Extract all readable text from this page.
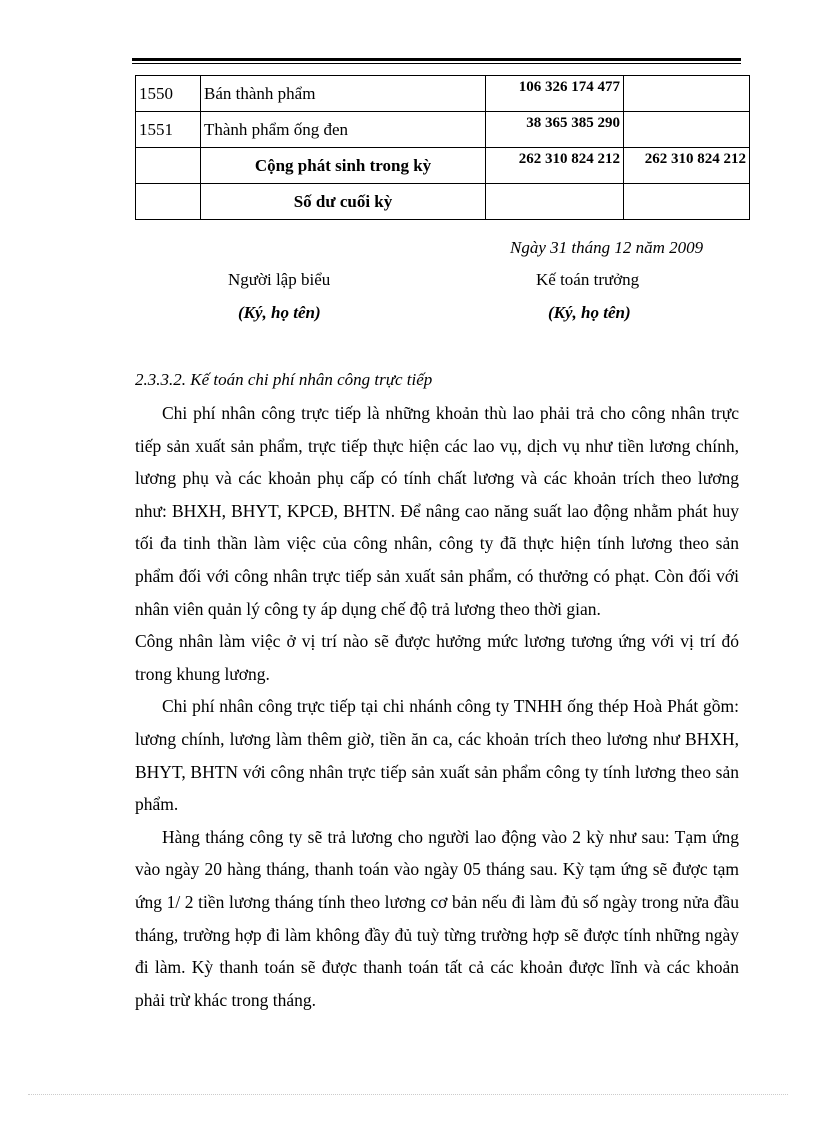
1550	Bán thành phẩm	106 326 174 477	
1551	Thành phẩm ống đen	38 365 385 290	
	Cộng phát sinh trong kỳ	262 310 824 212	262 310 824 212
	Số dư cuối kỳ		
Ngày 31 tháng 12 năm 2009
Người lập biểu	Kế toán trưởng
(Ký, họ tên)	(Ký, họ tên)
2.3.3.2. Kế toán chi phí nhân công trực tiếp

Chi phí nhân công trực tiếp là những khoản thù lao phải trả cho công nhân trực tiếp sản xuất sản phẩm, trực tiếp thực hiện các lao vụ, dịch vụ như tiền lương chính, lương phụ và các khoản phụ cấp có tính chất lương và các khoản trích theo lương như: BHXH, BHYT, KPCĐ, BHTN. Để nâng cao năng suất lao động nhằm phát huy tối đa tinh thần làm việc của công nhân, công ty đã thực hiện tính lương theo sản phẩm đối với công nhân trực tiếp sản xuất sản phẩm, có thưởng có phạt. Còn đối với nhân viên quản lý công ty áp dụng chế độ trả lương theo thời gian.

Công nhân làm việc ở vị trí nào sẽ được hưởng mức lương tương ứng với vị trí đó trong khung lương.

Chi phí nhân công trực tiếp tại chi nhánh công ty TNHH ống thép Hoà Phát gồm: lương chính, lương làm thêm giờ, tiền ăn ca, các khoản trích theo lương như BHXH, BHYT, BHTN với công nhân trực tiếp sản xuất sản phẩm công ty tính lương theo sản phẩm.

Hàng tháng công ty sẽ trả lương cho người lao động vào 2 kỳ như sau: Tạm ứng vào ngày 20 hàng tháng, thanh toán vào ngày 05 tháng sau. Kỳ tạm ứng sẽ được tạm ứng 1/ 2 tiền lương tháng tính theo lương cơ bản nếu đi làm đủ số ngày trong nửa đầu tháng, trường hợp đi làm không đầy đủ tuỳ từng trường hợp sẽ được tính những ngày đi làm. Kỳ thanh toán sẽ được thanh toán tất cả các khoản được lĩnh và các khoản phải trừ khác trong tháng.
